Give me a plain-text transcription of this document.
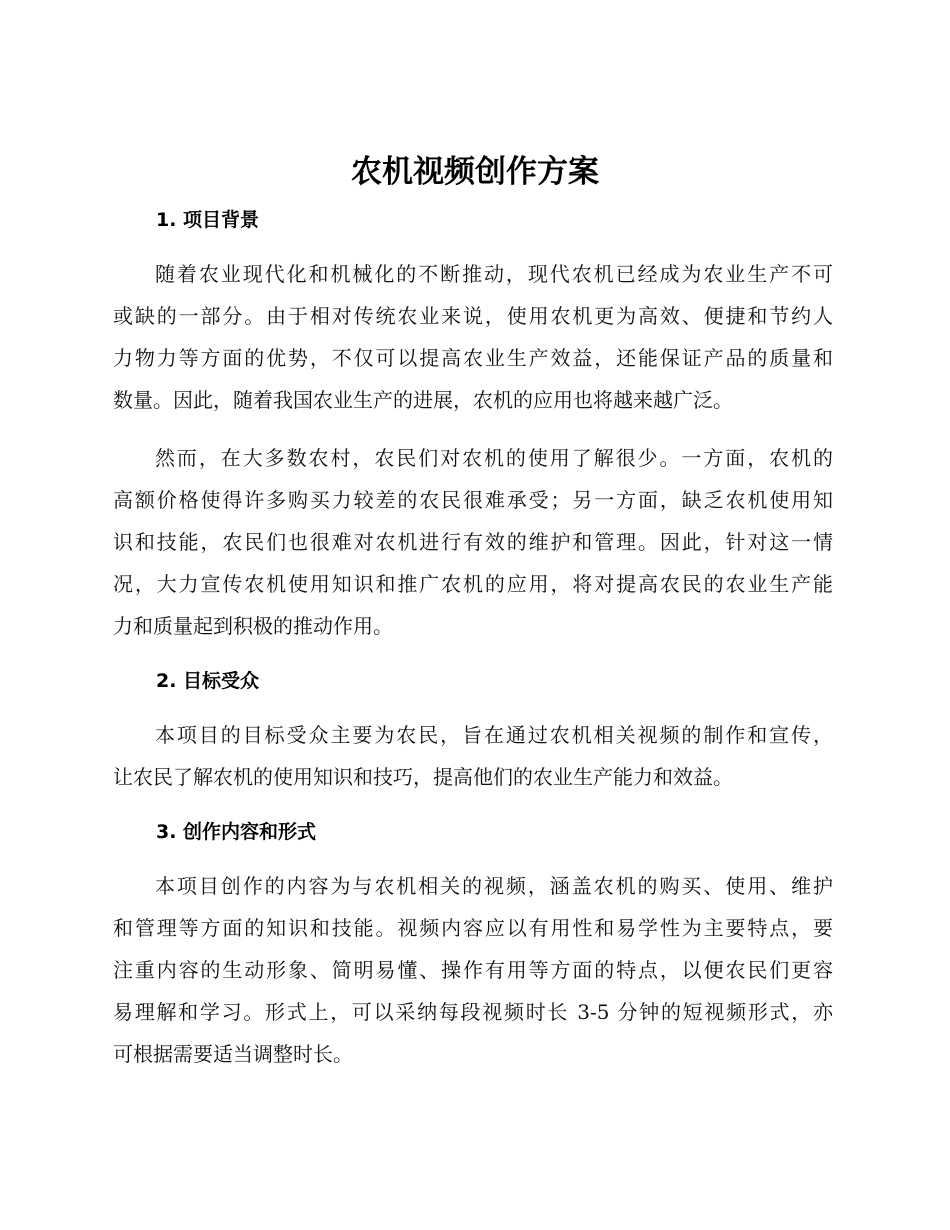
农机视频创作方案
1. 项目背景
随着农业现代化和机械化的不断推动，现代农机已经成为农业生产不可
或缺的一部分。由于相对传统农业来说，使用农机更为高效、便捷和节约人
力物力等方面的优势，不仅可以提高农业生产效益，还能保证产品的质量和
数量。因此，随着我国农业生产的进展，农机的应用也将越来越广泛。
然而，在大多数农村，农民们对农机的使用了解很少。一方面，农机的
高额价格使得许多购买力较差的农民很难承受；另一方面，缺乏农机使用知
识和技能，农民们也很难对农机进行有效的维护和管理。因此，针对这一情
况，大力宣传农机使用知识和推广农机的应用，将对提高农民的农业生产能
力和质量起到积极的推动作用。
2. 目标受众
本项目的目标受众主要为农民，旨在通过农机相关视频的制作和宣传，
让农民了解农机的使用知识和技巧，提高他们的农业生产能力和效益。
3. 创作内容和形式
本项目创作的内容为与农机相关的视频，涵盖农机的购买、使用、维护
和管理等方面的知识和技能。视频内容应以有用性和易学性为主要特点，要
注重内容的生动形象、简明易懂、操作有用等方面的特点，以便农民们更容
易理解和学习。形式上，可以采纳每段视频时长 3-5 分钟的短视频形式，亦
可根据需要适当调整时长。
